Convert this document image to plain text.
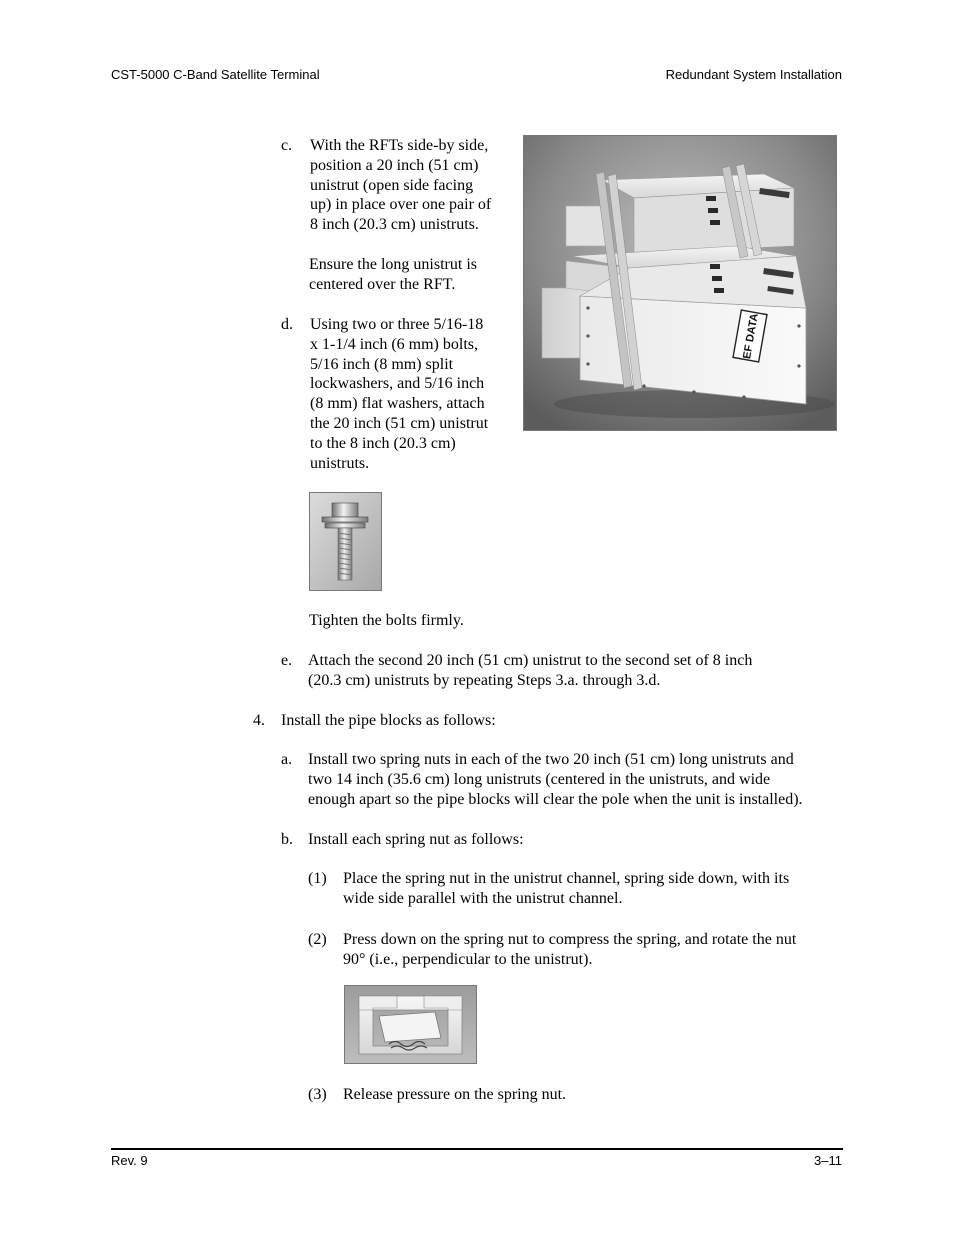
CST-5000 C-Band Satellite Terminal	Redundant System Installation
c. With the RFTs side-by side,
position a 20 inch (51 cm)
unistrut (open side facing
up) in place over one pair of
8 inch (20.3 cm) unistruts.
Ensure the long unistrut is
centered over the RFT.
EF DATA
d. Using two or three 5/16-18
x 1-1/4 inch (6 mm) bolts,
5/16 inch (8 mm) split
lockwashers, and 5/16 inch
(8 mm) flat washers, attach
the 20 inch (51 cm) unistrut
to the 8 inch (20.3 cm)
unistruts.
Tighten the bolts firmly.
e. Attach the second 20 inch (51 cm) unistrut to the second set of 8 inch
(20.3 cm) unistruts by repeating Steps 3.a. through 3.d.
4. Install the pipe blocks as follows:
a. Install two spring nuts in each of the two 20 inch (51 cm) long unistruts and
two 14 inch (35.6 cm) long unistruts (centered in the unistruts, and wide
enough apart so the pipe blocks will clear the pole when the unit is installed).
b. Install each spring nut as follows:
(1) Place the spring nut in the unistrut channel, spring side down, with its
wide side parallel with the unistrut channel.
(2) Press down on the spring nut to compress the spring, and rotate the nut
90° (i.e., perpendicular to the unistrut).
(3) Release pressure on the spring nut.
Rev. 9	3–11
